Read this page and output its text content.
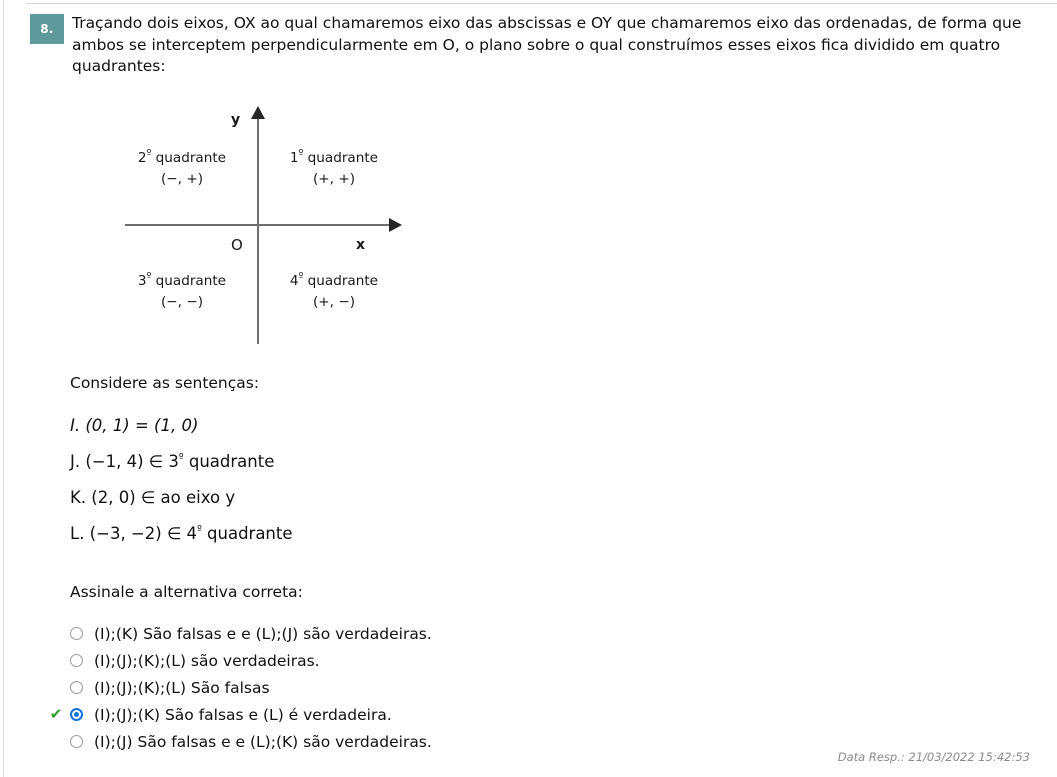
8.	Traçando dois eixos, OX ao qual chamaremos eixo das abscissas e OY que chamaremos eixo das ordenadas, de forma que ambos se interceptem perpendicularmente em O, o plano sobre o qual construímos esses eixos fica dividido em quatro quadrantes:
y
x
O
$2^º$ quadrante
(−, +)
$1^º$ quadrante
(+, +)
$3^º$ quadrante
(−, −)
$4^º$ quadrante
(+, −)
Considere as sentenças:
I. (0, 1) = (1, 0)
J. (−1, 4) ∈ $3^º$ quadrante
K. (2, 0) ∈ ao eixo y
L. (−3, −2) ∈ $4^º$ quadrante
Assinale a alternativa correta:
(I);(K) São falsas e e (L);(J) são verdadeiras.
(I);(J);(K);(L) são verdadeiras.
(I);(J);(K);(L) São falsas
✔	(I);(J);(K) São falsas e (L) é verdadeira.
(I);(J) São falsas e e (L);(K) são verdadeiras.
Data Resp.: 21/03/2022 15:42:53
